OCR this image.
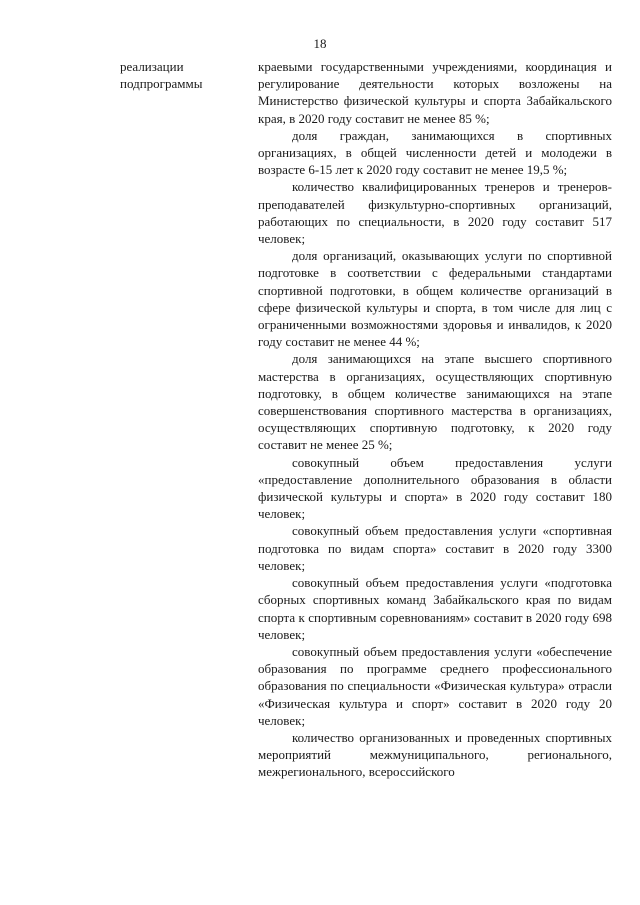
18
реализации
подпрограммы

краевыми государственными учреждениями, координация и регулирование деятельности которых возложены на Министерство физической культуры и спорта Забайкальского края, в 2020 году составит не менее 85 %;

доля граждан, занимающихся в спортивных организациях, в общей численности детей и молодежи в возрасте 6-15 лет к 2020 году составит не менее 19,5 %;

количество квалифицированных тренеров и тренеров-преподавателей физкультурно-спортивных организаций, работающих по специальности, в 2020 году составит 517 человек;

доля организаций, оказывающих услуги по спортивной подготовке в соответствии с федеральными стандартами спортивной подготовки, в общем количестве организаций в сфере физической культуры и спорта, в том числе для лиц с ограниченными возможностями здоровья и инвалидов, к 2020 году составит не менее 44 %;

доля занимающихся на этапе высшего спортивного мастерства в организациях, осуществляющих спортивную подготовку, в общем количестве занимающихся на этапе совершенствования спортивного мастерства в организациях, осуществляющих спортивную подготовку, к 2020 году составит не менее 25 %;

совокупный объем предоставления услуги «предоставление дополнительного образования в области физической культуры и спорта» в 2020 году составит 180 человек;

совокупный объем предоставления услуги «спортивная подготовка по видам спорта» составит в 2020 году 3300 человек;

совокупный объем предоставления услуги «подготовка сборных спортивных команд Забайкальского края по видам спорта к спортивным соревнованиям» составит в 2020 году 698 человек;

совокупный объем предоставления услуги «обеспечение образования по программе среднего профессионального образования по специальности «Физическая культура» отрасли «Физическая культура и спорт» составит в 2020 году 20 человек;

количество организованных и проведенных спортивных мероприятий межмуниципального, регионального, межрегионального, всероссийского
